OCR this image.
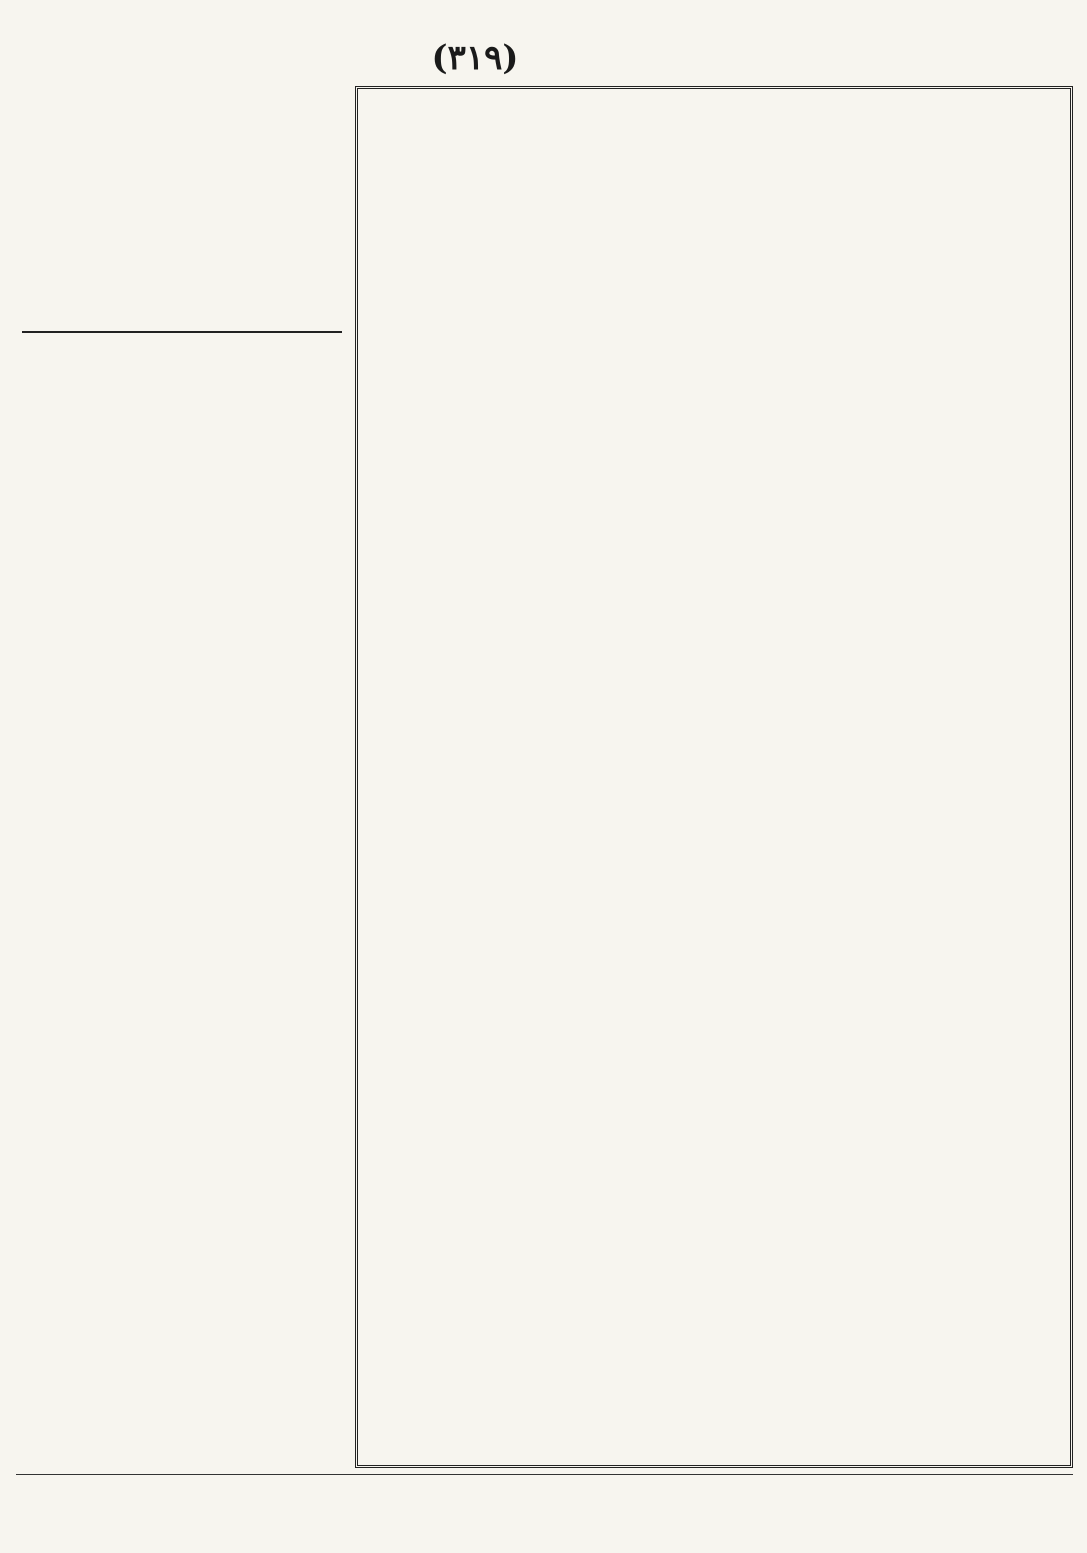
(٣١٩)
